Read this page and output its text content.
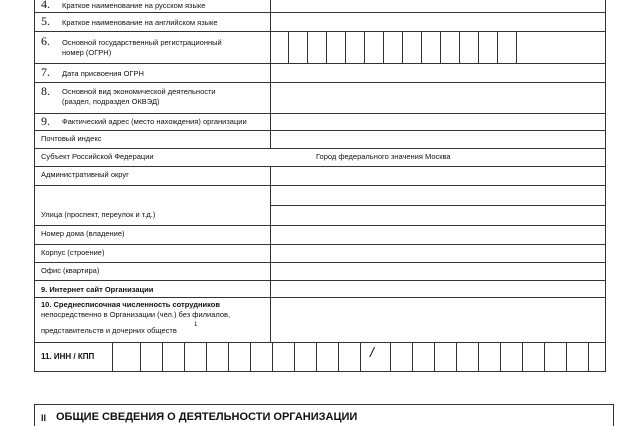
4. Краткое наименование на русском языке
5. Краткое наименование на английском языке
6. Основной государственный регистрационный
номер (ОГРН)
7. Дата присвоения ОГРН
8. Основной вид экономической деятельности
(раздел, подраздел ОКВЭД)
9. Фактический адрес (место нахождения) организации
Почтовый индекс
Субъект Российской Федерации	Город федерального значения Москва
Административный округ
Улица (проспект, переулок и т.д.)
Номер дома (владение)
Корпус (строение)
Офис (квартира)
9. Интернет сайт Организации
10. Среднесписочная численность сотрудников
непосредственно в Организации (чел.) без филиалов,
представительств и дочерних обществ
1
11. ИНН / КПП	/
II ОБЩИЕ СВЕДЕНИЯ О ДЕЯТЕЛЬНОСТИ ОРГАНИЗАЦИИ
